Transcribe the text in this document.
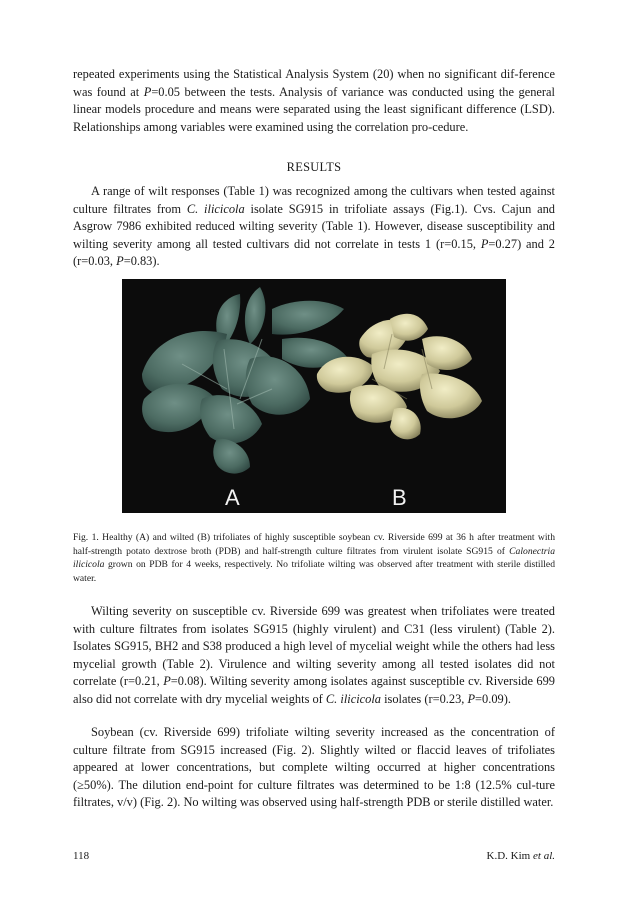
repeated experiments using the Statistical Analysis System (20) when no significant dif-ference was found at P=0.05 between the tests. Analysis of variance was conducted using the general linear models procedure and means were separated using the least significant difference (LSD). Relationships among variables were examined using the correlation pro-cedure.

RESULTS

A range of wilt responses (Table 1) was recognized among the cultivars when tested against culture filtrates from C. ilicicola isolate SG915 in trifoliate assays (Fig.1). Cvs. Cajun and Asgrow 7986 exhibited reduced wilting severity (Table 1). However, disease susceptibility and wilting severity among all tested cultivars did not correlate in tests 1 (r=0.15, P=0.27) and 2 (r=0.03, P=0.83).

A	B

Fig. 1. Healthy (A) and wilted (B) trifoliates of highly susceptible soybean cv. Riverside 699 at 36 h after treatment with half-strength potato dextrose broth (PDB) and half-strength culture filtrates from virulent isolate SG915 of Calonectria ilicicola grown on PDB for 4 weeks, respectively. No trifoliate wilting was observed after treatment with sterile distilled water.

Wilting severity on susceptible cv. Riverside 699 was greatest when trifoliates were treated with culture filtrates from isolates SG915 (highly virulent) and C31 (less virulent) (Table 2). Isolates SG915, BH2 and S38 produced a high level of mycelial weight while the others had less mycelial growth (Table 2). Virulence and wilting severity among all tested isolates did not correlate (r=0.21, P=0.08). Wilting severity among isolates against susceptible cv. Riverside 699 also did not correlate with dry mycelial weights of C. ilicicola isolates (r=0.23, P=0.09).

Soybean (cv. Riverside 699) trifoliate wilting severity increased as the concentration of culture filtrate from SG915 increased (Fig. 2). Slightly wilted or flaccid leaves of trifoliates appeared at lower concentrations, but complete wilting occurred at higher concentrations (≥50%). The dilution end-point for culture filtrates was determined to be 1:8 (12.5% cul-ture filtrates, v/v) (Fig. 2). No wilting was observed using half-strength PDB or sterile distilled water.

118	K.D. Kim et al.
